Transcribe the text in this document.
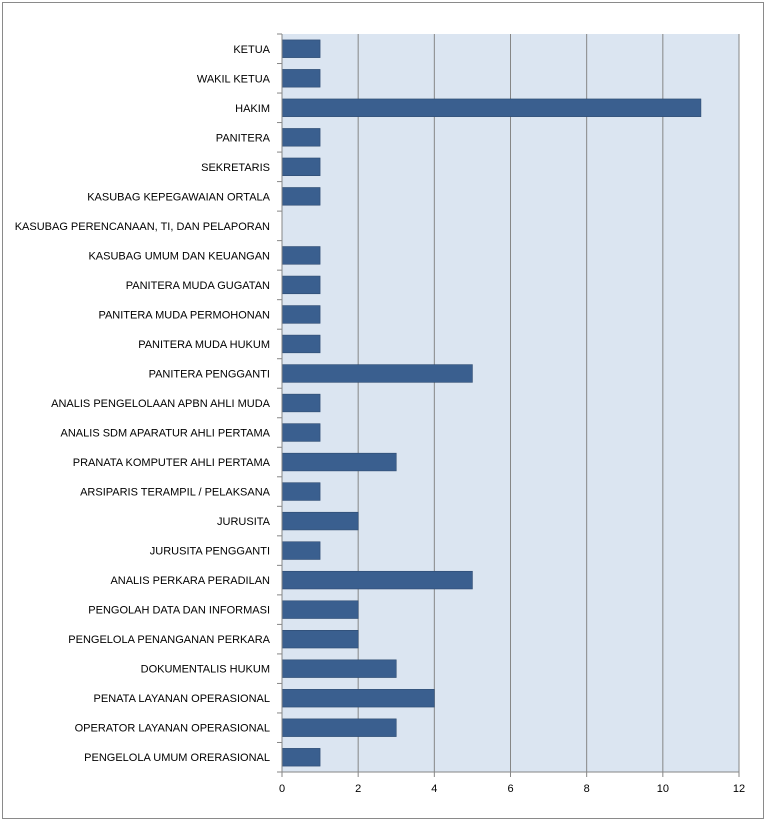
0	2	4	6	8	10	12
KETUA
WAKIL KETUA
HAKIM
PANITERA
SEKRETARIS
KASUBAG KEPEGAWAIAN ORTALA
KASUBAG PERENCANAAN, TI, DAN PELAPORAN
KASUBAG UMUM DAN KEUANGAN
PANITERA MUDA GUGATAN
PANITERA MUDA PERMOHONAN
PANITERA MUDA HUKUM
PANITERA PENGGANTI
ANALIS PENGELOLAAN APBN AHLI MUDA
ANALIS SDM APARATUR AHLI PERTAMA
PRANATA KOMPUTER AHLI PERTAMA
ARSIPARIS TERAMPIL / PELAKSANA
JURUSITA
JURUSITA PENGGANTI
ANALIS PERKARA PERADILAN
PENGOLAH DATA DAN INFORMASI
PENGELOLA PENANGANAN PERKARA
DOKUMENTALIS HUKUM
PENATA LAYANAN OPERASIONAL
OPERATOR LAYANAN OPERASIONAL
PENGELOLA UMUM ORERASIONAL
